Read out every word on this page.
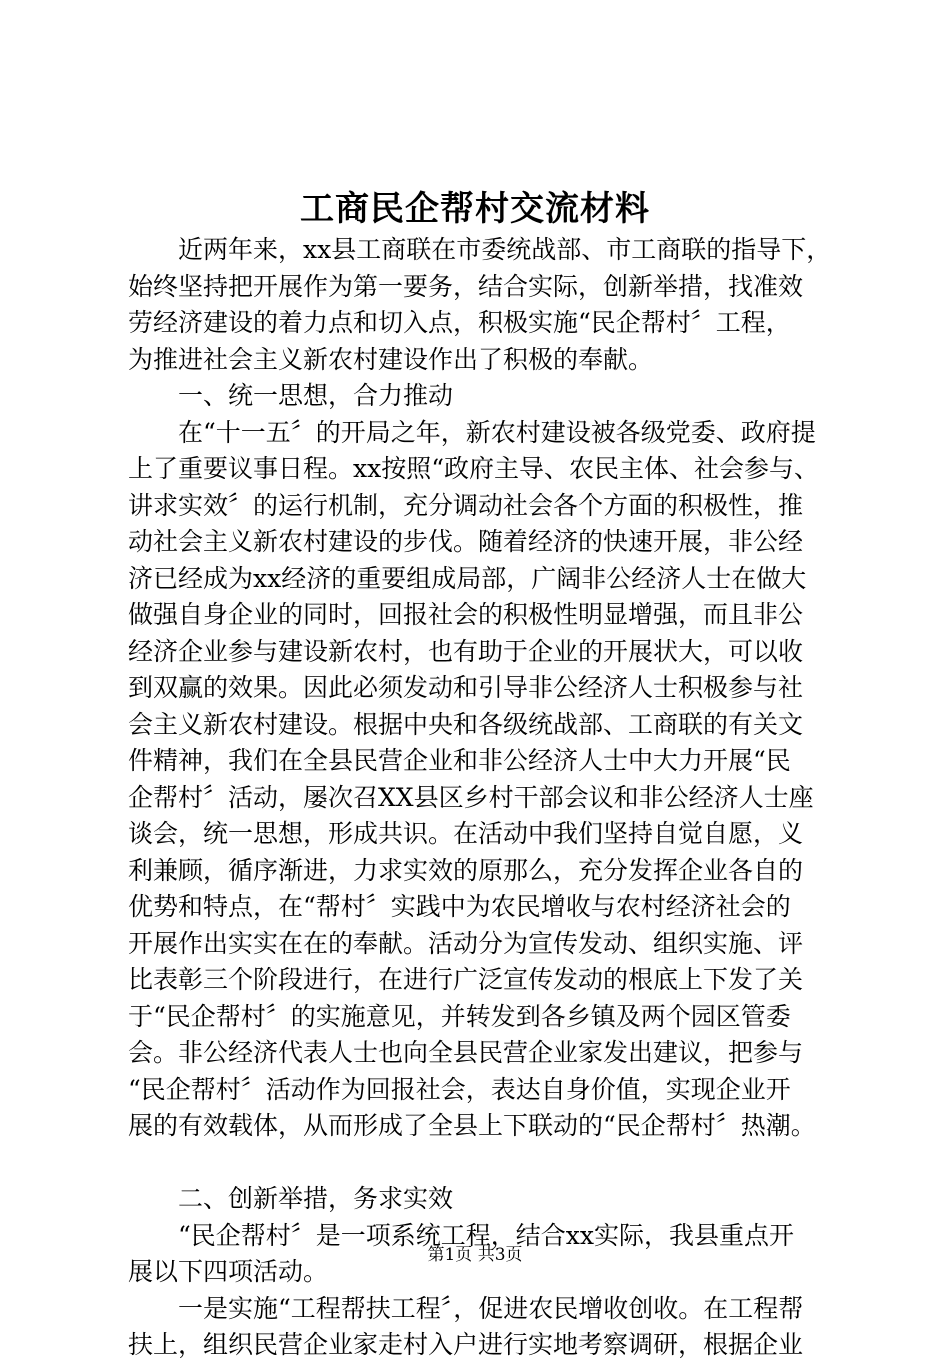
工商民企帮村交流材料
近两年来，xx县工商联在市委统战部、市工商联的指导下，
始终坚持把开展作为第一要务，结合实际，创新举措，找准效
劳经济建设的着力点和切入点，积极实施“民企帮村〞工程，
为推进社会主义新农村建设作出了积极的奉献。
一、统一思想，合力推动
在“十一五〞的开局之年，新农村建设被各级党委、政府提
上了重要议事日程。xx按照“政府主导、农民主体、社会参与、
讲求实效〞的运行机制，充分调动社会各个方面的积极性，推
动社会主义新农村建设的步伐。随着经济的快速开展，非公经
济已经成为xx经济的重要组成局部，广阔非公经济人士在做大
做强自身企业的同时，回报社会的积极性明显增强，而且非公
经济企业参与建设新农村，也有助于企业的开展状大，可以收
到双赢的效果。因此必须发动和引导非公经济人士积极参与社
会主义新农村建设。根据中央和各级统战部、工商联的有关文
件精神，我们在全县民营企业和非公经济人士中大力开展“民
企帮村〞活动，屡次召XX县区乡村干部会议和非公经济人士座
谈会，统一思想，形成共识。在活动中我们坚持自觉自愿，义
利兼顾，循序渐进，力求实效的原那么，充分发挥企业各自的
优势和特点，在“帮村〞实践中为农民增收与农村经济社会的
开展作出实实在在的奉献。活动分为宣传发动、组织实施、评
比表彰三个阶段进行，在进行广泛宣传发动的根底上下发了关
于“民企帮村〞的实施意见，并转发到各乡镇及两个园区管委
会。非公经济代表人士也向全县民营企业家发出建议，把参与
“民企帮村〞活动作为回报社会，表达自身价值，实现企业开
展的有效载体，从而形成了全县上下联动的“民企帮村〞热潮。
二、创新举措，务求实效
“民企帮村〞是一项系统工程，结合xx实际，我县重点开
展以下四项活动。
一是实施“工程帮扶工程〞，促进农民增收创收。在工程帮
扶上，组织民营企业家走村入户进行实地考察调研，根据企业
第1页 共3页
